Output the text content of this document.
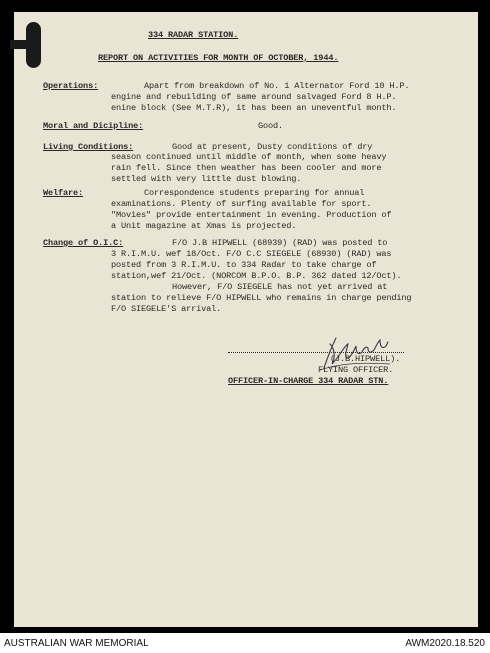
334 RADAR STATION.
REPORT ON ACTIVITIES FOR MONTH OF OCTOBER, 1944.
Operations:	Apart from breakdown of No. 1 Alternator Ford 10 H.P.
engine and rebuilding of same around salvaged Ford 8 H.P.
enine block (See M.T.R), it has been an uneventful month.
Moral and Dicipline:	Good.
Living Conditions:	Good at present, Dusty conditions of dry
season continued until middle of month, when some heavy
rain fell. Since then weather has been cooler and more
settled with very little dust blowing.
Welfare:	Correspondence students preparing for annual
examinations. Plenty of surfing available for sport.
"Movies" provide entertainment in evening. Production of
a Unit magazine at Xmas is projected.
Change of O.I.C:	F/O J.B HIPWELL (68939) (RAD) was posted to
3 R.I.M.U. wef 18/Oct. F/O C.C SIEGELE (68930) (RAD) was
posted from 3 R.I.M.U. to 334 Radar to take charge of
station,wef 21/Oct. (NORCOM B.P.O. B.P. 362 dated 12/Oct).
However, F/O SIEGELE has not yet arrived at
station to relieve F/O HIPWELL who remains in charge pending
F/O SIEGELE'S arrival.
(J.B.HIPWELL).
FLYING OFFICER.
OFFICER-IN-CHARGE 334 RADAR STN.
AUSTRALIAN WAR MEMORIAL	AWM2020.18.520
